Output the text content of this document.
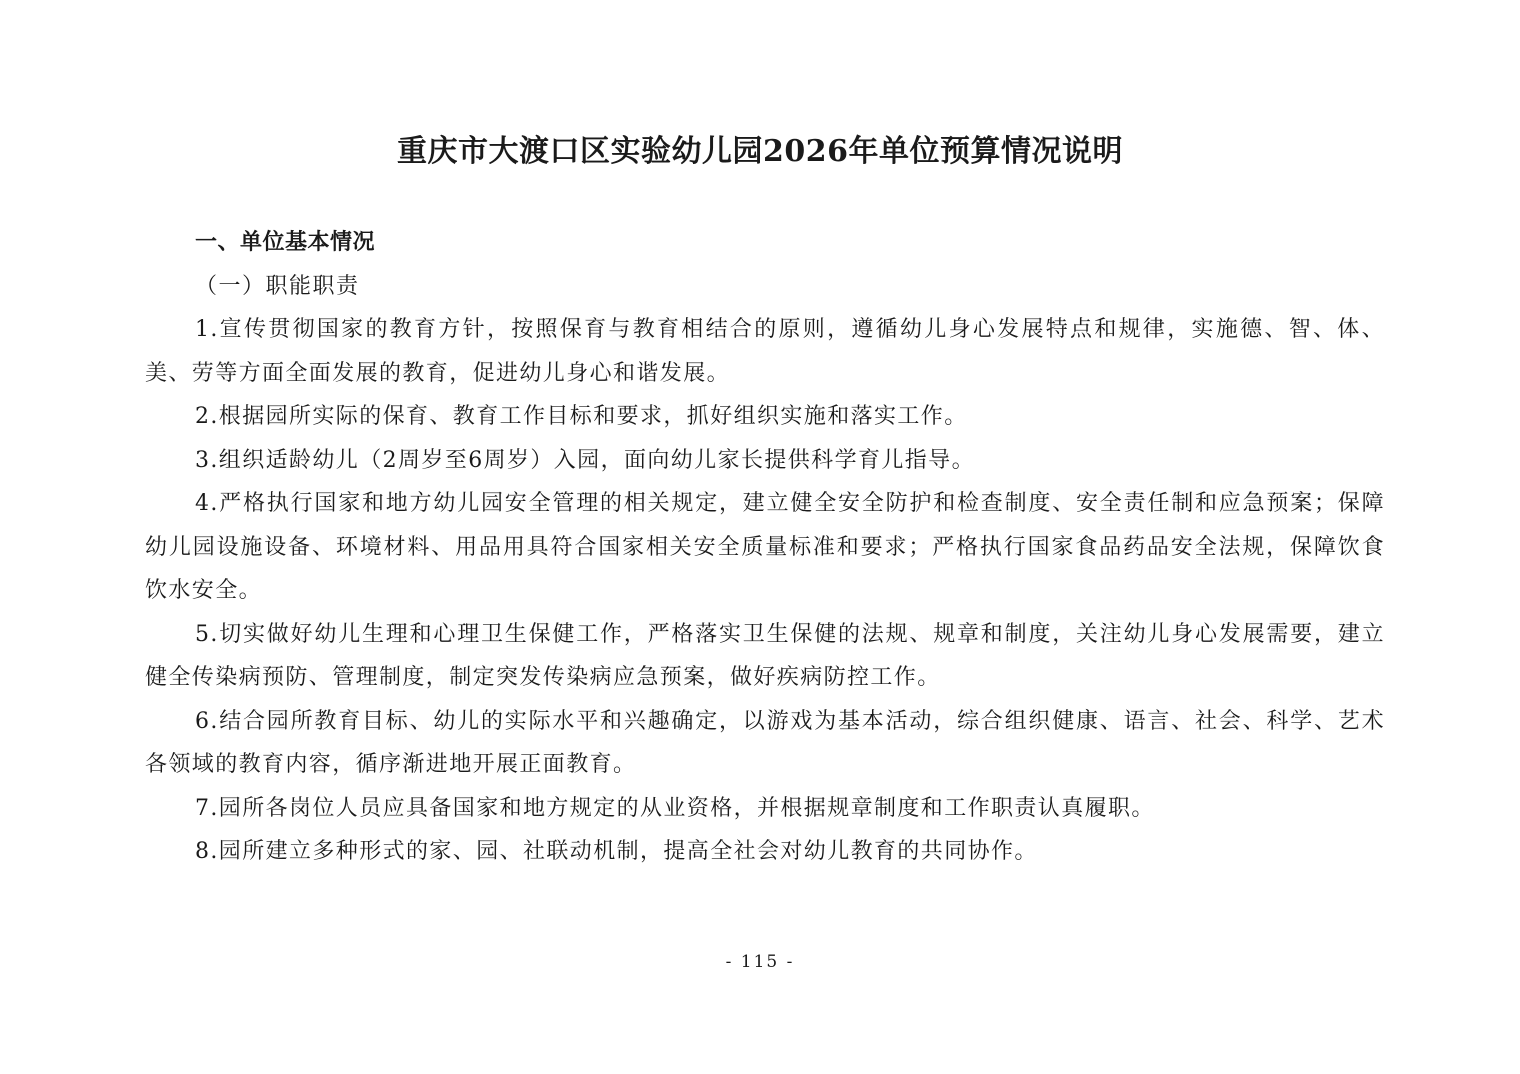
重庆市大渡口区实验幼儿园2026年单位预算情况说明

一、单位基本情况

（一）职能职责

1.宣传贯彻国家的教育方针，按照保育与教育相结合的原则，遵循幼儿身心发展特点和规律，实施德、智、体、美、劳等方面全面发展的教育，促进幼儿身心和谐发展。

2.根据园所实际的保育、教育工作目标和要求，抓好组织实施和落实工作。

3.组织适龄幼儿（2周岁至6周岁）入园，面向幼儿家长提供科学育儿指导。

4.严格执行国家和地方幼儿园安全管理的相关规定，建立健全安全防护和检查制度、安全责任制和应急预案；保障幼儿园设施设备、环境材料、用品用具符合国家相关安全质量标准和要求；严格执行国家食品药品安全法规，保障饮食饮水安全。

5.切实做好幼儿生理和心理卫生保健工作，严格落实卫生保健的法规、规章和制度，关注幼儿身心发展需要，建立健全传染病预防、管理制度，制定突发传染病应急预案，做好疾病防控工作。

6.结合园所教育目标、幼儿的实际水平和兴趣确定，以游戏为基本活动，综合组织健康、语言、社会、科学、艺术各领域的教育内容，循序渐进地开展正面教育。

7.园所各岗位人员应具备国家和地方规定的从业资格，并根据规章制度和工作职责认真履职。

8.园所建立多种形式的家、园、社联动机制，提高全社会对幼儿教育的共同协作。

- 115 -
